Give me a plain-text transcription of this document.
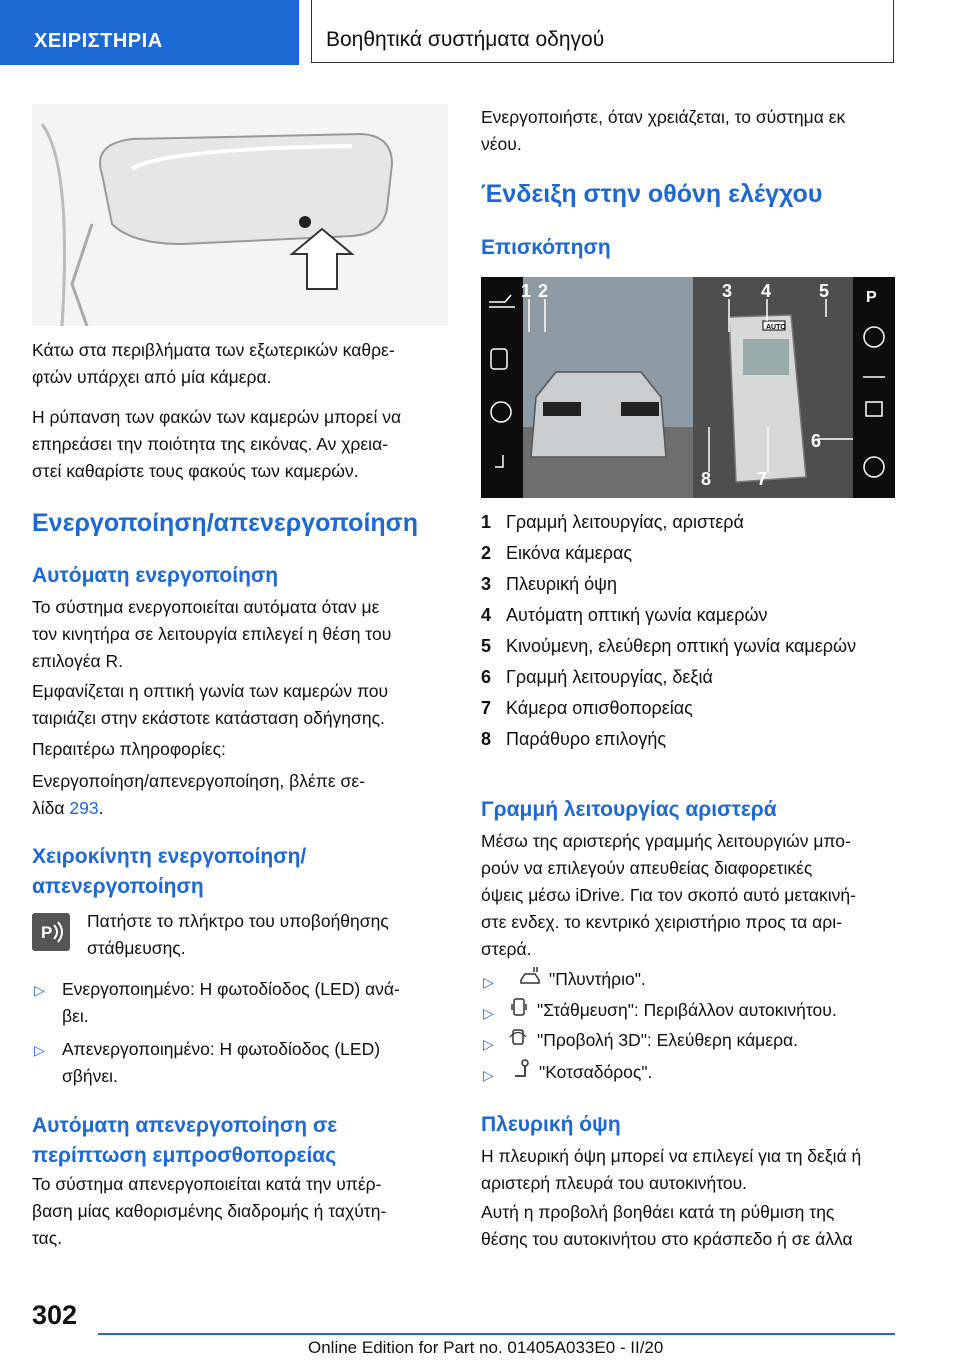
ΧΕΙΡΙΣΤΗΡΙΑ	Βοηθητικά συστήματα οδηγού
Κάτω στα περιβλήματα των εξωτερικών καθρε-
φτών υπάρχει από μία κάμερα.
Η ρύπανση των φακών των καμερών μπορεί να
επηρεάσει την ποιότητα της εικόνας. Αν χρεια-
στεί καθαρίστε τους φακούς των καμερών.
Ενεργοποίηση/απενεργοποίηση
Αυτόματη ενεργοποίηση
Το σύστημα ενεργοποιείται αυτόματα όταν με
τον κινητήρα σε λειτουργία επιλεγεί η θέση του
επιλογέα R.
Εμφανίζεται η οπτική γωνία των καμερών που
ταιριάζει στην εκάστοτε κατάσταση οδήγησης.
Περαιτέρω πληροφορίες:
Ενεργοποίηση/απενεργοποίηση, βλέπε σε-
λίδα 293.
Χειροκίνητη ενεργοποίηση/
απενεργοποίηση
P
Πατήστε το πλήκτρο του υποβοήθησης
στάθμευσης.
▷ Ενεργοποιημένο: Η φωτοδίοδος (LED) ανά-
βει.
▷ Απενεργοποιημένο: Η φωτοδίοδος (LED)
σβήνει.
Αυτόματη απενεργοποίηση σε
περίπτωση εμπροσθοπορείας
Το σύστημα απενεργοποιείται κατά την υπέρ-
βαση μίας καθορισμένης διαδρομής ή ταχύτη-
τας.
Ενεργοποιήστε, όταν χρειάζεται, το σύστημα εκ
νέου.
Ένδειξη στην οθόνη ελέγχου
Επισκόπηση
AUTO
1 2	3 4	5
6
7
8
P
1 Γραμμή λειτουργίας, αριστερά
2 Εικόνα κάμερας
3 Πλευρική όψη
4 Αυτόματη οπτική γωνία καμερών
5 Κινούμενη, ελεύθερη οπτική γωνία καμερών
6 Γραμμή λειτουργίας, δεξιά
7 Κάμερα οπισθοπορείας
8 Παράθυρο επιλογής
Γραμμή λειτουργίας αριστερά
Μέσω της αριστερής γραμμής λειτουργιών μπο-
ρούν να επιλεγούν απευθείας διαφορετικές
όψεις μέσω iDrive. Για τον σκοπό αυτό μετακινή-
στε ενδεχ. το κεντρικό χειριστήριο προς τα αρι-
στερά.
▷	"Πλυντήριο".
▷ "Στάθμευση": Περιβάλλον αυτοκινήτου.
▷ "Προβολή 3D": Ελεύθερη κάμερα.
▷	"Κοτσαδόρος".
Πλευρική όψη
Η πλευρική όψη μπορεί να επιλεγεί για τη δεξιά ή
αριστερή πλευρά του αυτοκινήτου.
Αυτή η προβολή βοηθάει κατά τη ρύθμιση της
θέσης του αυτοκινήτου στο κράσπεδο ή σε άλλα
302
Online Edition for Part no. 01405A033E0 - II/20
